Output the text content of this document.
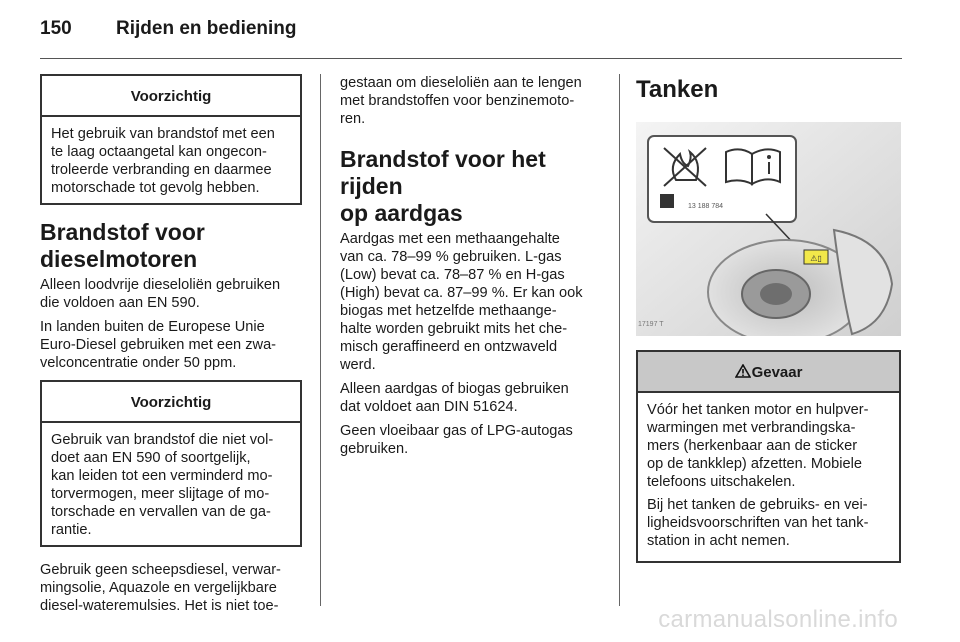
150 Rijden en bediening
Voorzichtig
Het gebruik van brandstof met een
te laag octaangetal kan ongecon-
troleerde verbranding en daarmee
motorschade tot gevolg hebben.
Brandstof voor
dieselmotoren

Alleen loodvrije dieseloliën gebruiken
die voldoen aan EN 590.

In landen buiten de Europese Unie
Euro-Diesel gebruiken met een zwa-
velconcentratie onder 50 ppm.

Voorzichtig
Gebruik van brandstof die niet vol-
doet aan EN 590 of soortgelijk,
kan leiden tot een verminderd mo-
torvermogen, meer slijtage of mo-
torschade en vervallen van de ga-
rantie.

Gebruik geen scheepsdiesel, verwar-
mingsolie, Aquazole en vergelijkbare
diesel-wateremulsies. Het is niet toe-

gestaan om dieseloliën aan te lengen
met brandstoffen voor benzinemoto-
ren.

Brandstof voor het rijden
op aardgas

Aardgas met een methaangehalte
van ca. 78–99 % gebruiken. L-gas
(Low) bevat ca. 78–87 % en H-gas
(High) bevat ca. 87–99 %. Er kan ook
biogas met hetzelfde methaange-
halte worden gebruikt mits het che-
misch geraffineerd en ontzwaveld
werd.

Alleen aardgas of biogas gebruiken
dat voldoet aan DIN 51624.

Geen vloeibaar gas of LPG-autogas
gebruiken.

Tanken
13 188 784
⚠▯
17197 T
Gevaar

Vóór het tanken motor en hulpver-
warmingen met verbrandingska-
mers (herkenbaar aan de sticker
op de tankklep) afzetten. Mobiele
telefoons uitschakelen.

Bij het tanken de gebruiks- en vei-
ligheidsvoorschriften van het tank-
station in acht nemen.

carmanualsonline.info
